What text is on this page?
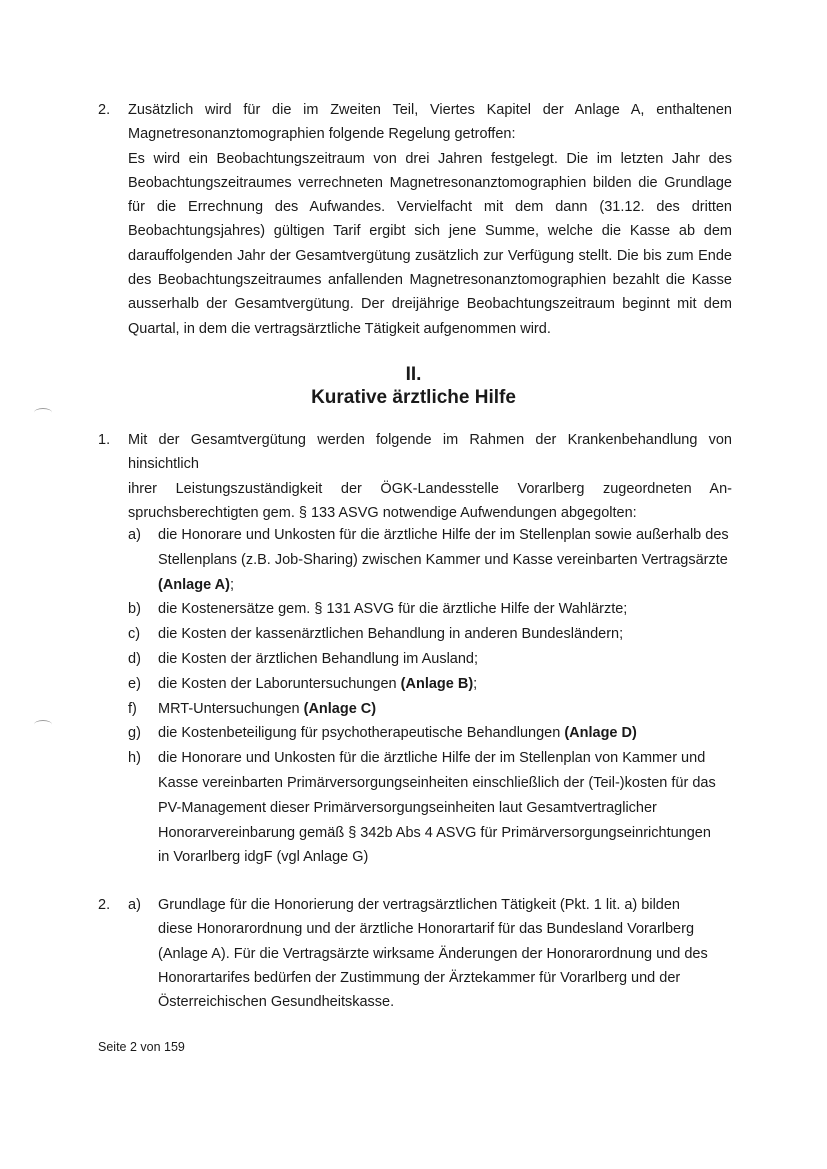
2.	Zusätzlich wird für die im Zweiten Teil, Viertes Kapitel der Anlage A, enthaltenen
Magnetresonanztomographien folgende Regelung getroffen:
Es wird ein Beobachtungszeitraum von drei Jahren festgelegt. Die im letzten Jahr des
Beobachtungszeitraumes verrechneten Magnetresonanztomographien bilden die Grundlage
für die Errechnung des Aufwandes. Vervielfacht mit dem dann (31.12. des dritten
Beobachtungsjahres) gültigen Tarif ergibt sich jene Summe, welche die Kasse ab dem
darauffolgenden Jahr der Gesamtvergütung zusätzlich zur Verfügung stellt. Die bis zum Ende
des Beobachtungszeitraumes anfallenden Magnetresonanztomographien bezahlt die Kasse
ausserhalb der Gesamtvergütung. Der dreijährige Beobachtungszeitraum beginnt mit dem
Quartal, in dem die vertragsärztliche Tätigkeit aufgenommen wird.
II.
Kurative ärztliche Hilfe
1.	Mit der Gesamtvergütung werden folgende im Rahmen der Krankenbehandlung von hinsichtlich
ihrer Leistungszuständigkeit der ÖGK-Landesstelle Vorarlberg zugeordneten An-
spruchsberechtigten gem. § 133 ASVG notwendige Aufwendungen abgegolten:
a)	die Honorare und Unkosten für die ärztliche Hilfe der im Stellenplan sowie außerhalb des
Stellenplans (z.B. Job-Sharing) zwischen Kammer und Kasse vereinbarten Vertragsärzte
(Anlage A);
b)	die Kostenersätze gem. § 131 ASVG für die ärztliche Hilfe der Wahlärzte;
c)	die Kosten der kassenärztlichen Behandlung in anderen Bundesländern;
d)	die Kosten der ärztlichen Behandlung im Ausland;
e)	die Kosten der Laboruntersuchungen (Anlage B);
f)	MRT-Untersuchungen (Anlage C)
g)	die Kostenbeteiligung für psychotherapeutische Behandlungen (Anlage D)
h)	die Honorare und Unkosten für die ärztliche Hilfe der im Stellenplan von Kammer und
Kasse vereinbarten Primärversorgungseinheiten einschließlich der (Teil-)kosten für das
PV-Management dieser Primärversorgungseinheiten laut Gesamtvertraglicher
Honorarvereinbarung gemäß § 342b Abs 4 ASVG für Primärversorgungseinrichtungen
in Vorarlberg idgF (vgl Anlage G)
2.	a)	Grundlage für die Honorierung der vertragsärztlichen Tätigkeit (Pkt. 1 lit. a) bilden
diese Honorarordnung und der ärztliche Honorartarif für das Bundesland Vorarlberg
(Anlage A). Für die Vertragsärzte wirksame Änderungen der Honorarordnung und des
Honorartarifes bedürfen der Zustimmung der Ärztekammer für Vorarlberg und der
Österreichischen Gesundheitskasse.
Seite 2 von 159
